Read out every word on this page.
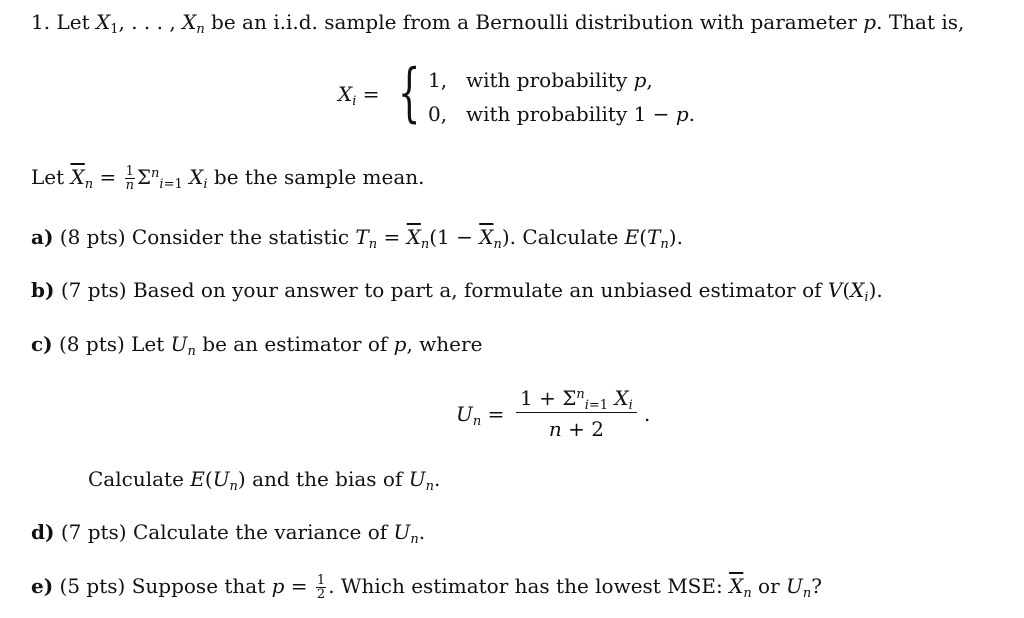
1. Let $X_1$, . . . , $X_n$ be an i.i.d. sample from a Bernoulli distribution with parameter p. That is,
$X_i$ = { 1, with probability p,
0, with probability 1 − p.
Let $\overline{X}_n = \frac{1}{n} \Sigma^n_{i=1}$ $X_i$ be the sample mean.
a) (8 pts) Consider the statistic $T_n = \overline{X}_n(1 - \overline{X}_n)$. Calculate $E(T_n)$.
b) (7 pts) Based on your answer to part a, formulate an unbiased estimator of $V(X_i)$.
c) (8 pts) Let $U_n$ be an estimator of p, where
$U_n$ =
$1 + \Sigma^n_{i=1}$ $X_i$
n + 2
.
Calculate $E(U_n)$ and the bias of $U_n$.
d) (7 pts) Calculate the variance of $U_n$.
e) (5 pts) Suppose that $p = \frac{1}{2}$ . Which estimator has the lowest MSE: $\overline{X}_n$ or $U_n$?
